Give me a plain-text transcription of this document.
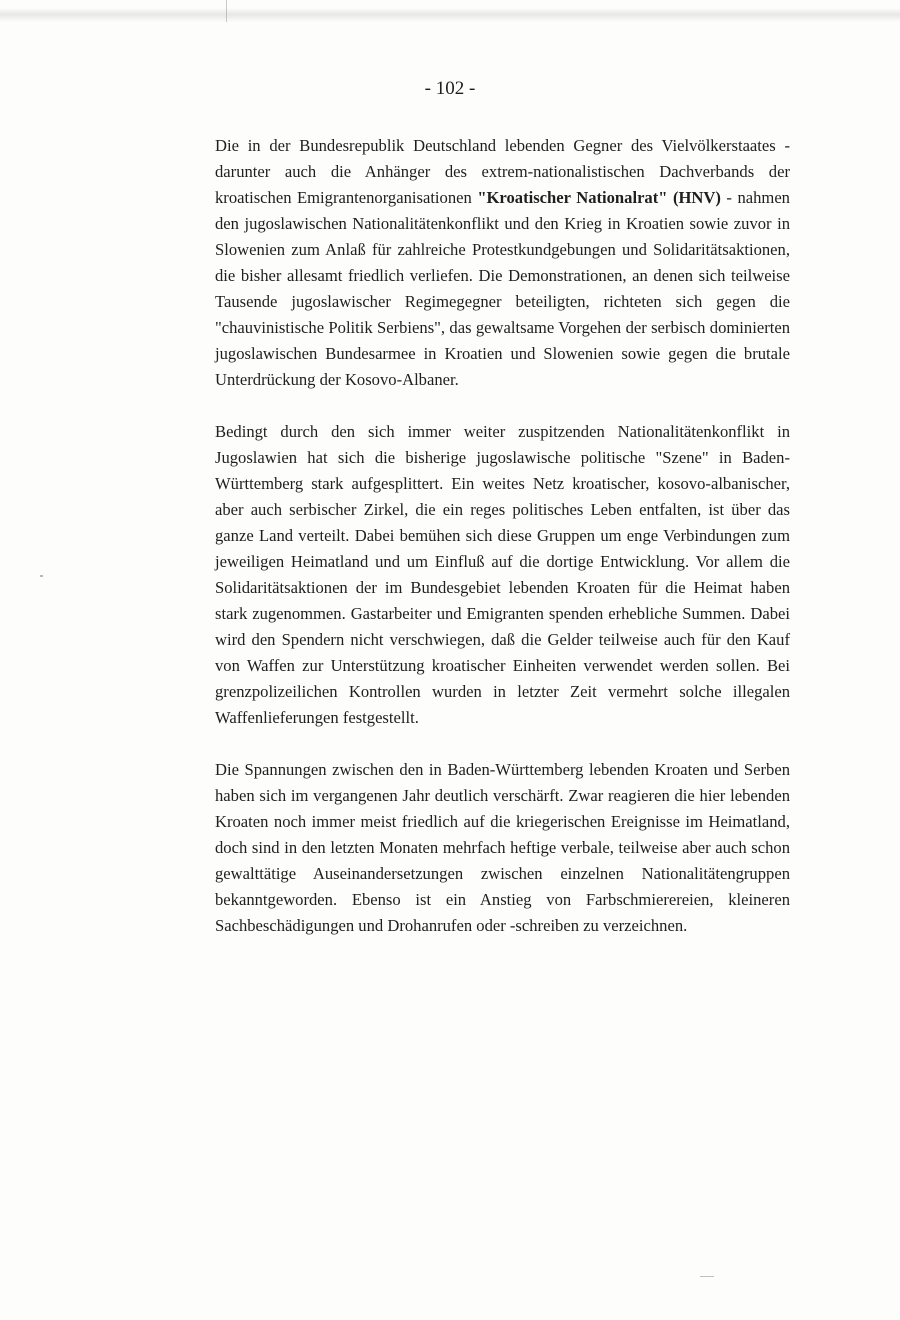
- 102 -

Die in der Bundesrepublik Deutschland lebenden Gegner des Vielvölkerstaates - darunter auch die Anhänger des extrem-nationalistischen Dachverbands der kroatischen Emigrantenorganisationen "Kroatischer Nationalrat" (HNV) - nahmen den jugoslawischen Nationalitätenkonflikt und den Krieg in Kroatien sowie zuvor in Slowenien zum Anlaß für zahlreiche Protestkundgebungen und Solidaritätsaktionen, die bisher allesamt friedlich verliefen. Die Demonstrationen, an denen sich teilweise Tausende jugoslawischer Regimegegner beteiligten, richteten sich gegen die "chauvinistische Politik Serbiens", das gewaltsame Vorgehen der serbisch dominierten jugoslawischen Bundesarmee in Kroatien und Slowenien sowie gegen die brutale Unterdrückung der Kosovo-Albaner.

Bedingt durch den sich immer weiter zuspitzenden Nationalitätenkonflikt in Jugoslawien hat sich die bisherige jugoslawische politische "Szene" in Baden-Württemberg stark aufgesplittert. Ein weites Netz kroatischer, kosovo-albanischer, aber auch serbischer Zirkel, die ein reges politisches Leben entfalten, ist über das ganze Land verteilt. Dabei bemühen sich diese Gruppen um enge Verbindungen zum jeweiligen Heimatland und um Einfluß auf die dortige Entwicklung. Vor allem die Solidaritätsaktionen der im Bundesgebiet lebenden Kroaten für die Heimat haben stark zugenommen. Gastarbeiter und Emigranten spenden erhebliche Summen. Dabei wird den Spendern nicht verschwiegen, daß die Gelder teilweise auch für den Kauf von Waffen zur Unterstützung kroatischer Einheiten verwendet werden sollen. Bei grenzpolizeilichen Kontrollen wurden in letzter Zeit vermehrt solche illegalen Waffenlieferungen festgestellt.

Die Spannungen zwischen den in Baden-Württemberg lebenden Kroaten und Serben haben sich im vergangenen Jahr deutlich verschärft. Zwar reagieren die hier lebenden Kroaten noch immer meist friedlich auf die kriegerischen Ereignisse im Heimatland, doch sind in den letzten Monaten mehrfach heftige verbale, teilweise aber auch schon gewalttätige Auseinandersetzungen zwischen einzelnen Nationalitätengruppen bekanntgeworden. Ebenso ist ein Anstieg von Farbschmierereien, kleineren Sachbeschädigungen und Drohanrufen oder -schreiben zu verzeichnen.
